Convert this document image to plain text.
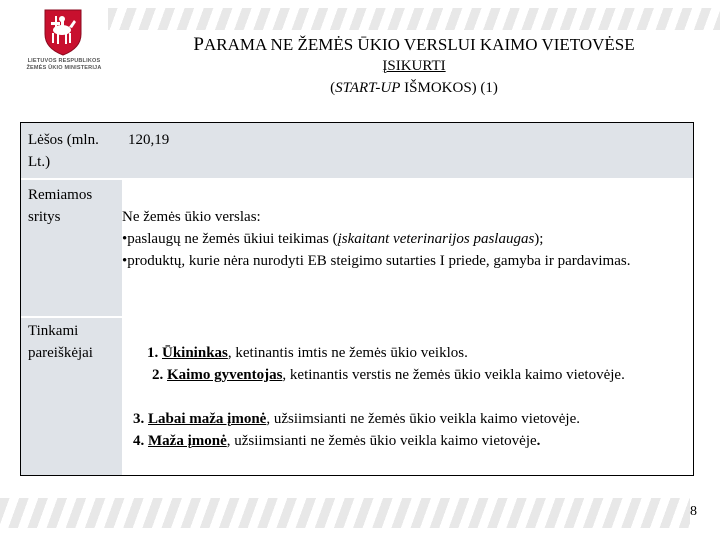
LIETUVOS RESPUBLIKOS
ŽEMĖS ŪKIO MINISTERIJA
PARAMA NE ŽEMĖS ŪKIO VERSLUI KAIMO VIETOVĖSE
ĮSIKURTI
(START-UP IŠMOKOS) (1)
Lėšos (mln.
Lt.)
120,19
Remiamos
sritys	Ne žemės ūkio verslas:
•paslaugų ne žemės ūkiui teikimas (įskaitant veterinarijos paslaugas);
•produktų, kurie nėra nurodyti EB steigimo sutarties I priede, gamyba ir pardavimas.
Tinkami
pareiškėjai	1. Ūkininkas, ketinantis imtis ne žemės ūkio veiklos.
2. Kaimo gyventojas, ketinantis verstis ne žemės ūkio veikla kaimo vietovėje.
3. Labai maža įmonė, užsiimsianti ne žemės ūkio veikla kaimo vietovėje.
4. Maža įmonė, užsiimsianti ne žemės ūkio veikla kaimo vietovėje.
8
